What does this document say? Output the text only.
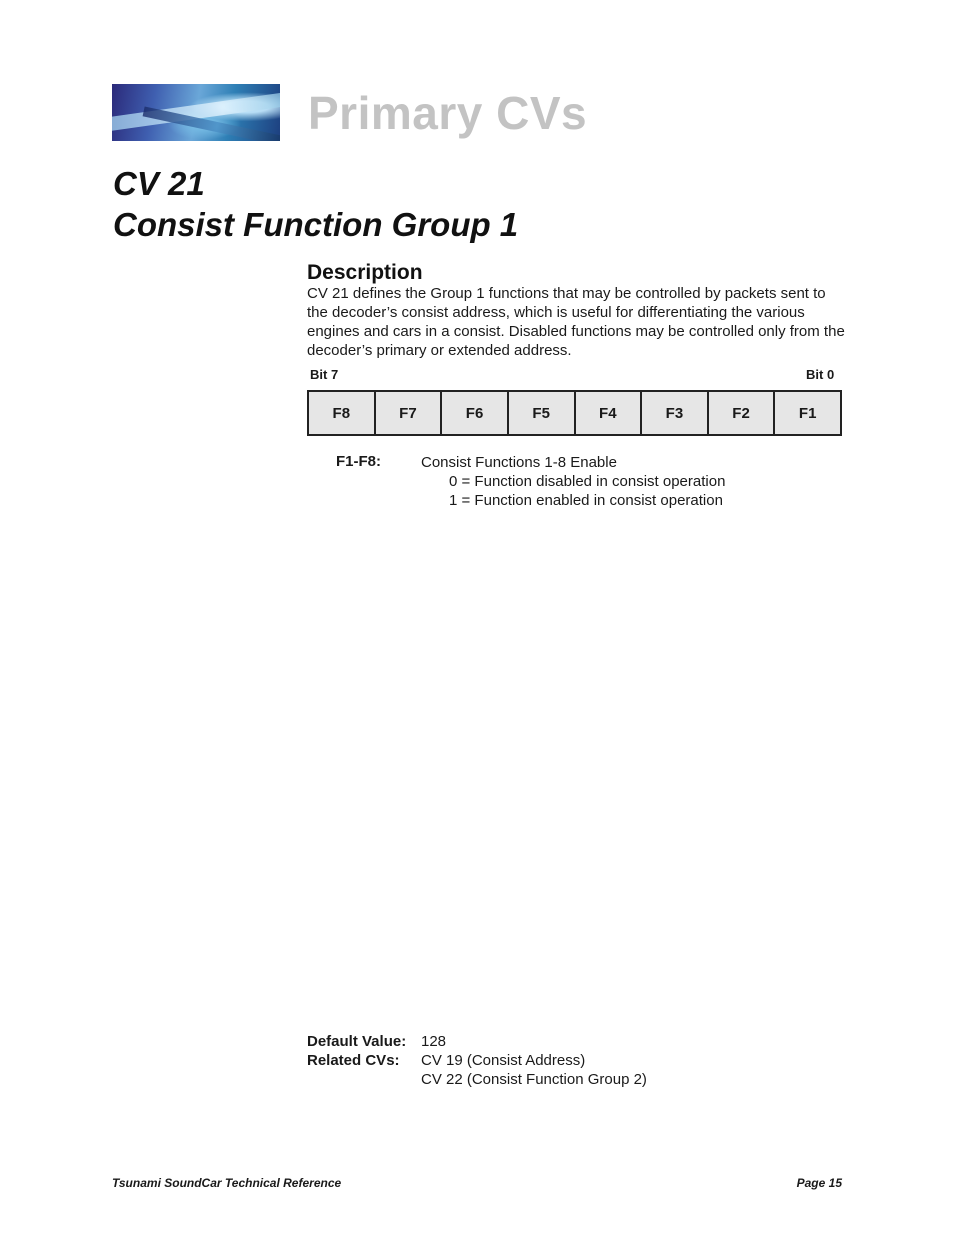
Primary CVs
CV 21
Consist Function Group 1
Description
CV 21 defines the Group 1 functions that may be controlled by packets sent to the decoder’s consist address, which is useful for differentiating the various engines and cars in a consist. Disabled functions may be controlled only from the decoder’s primary or extended address.
Bit 7	Bit 0
F8	F7	F6	F5	F4	F3	F2	F1
F1-F8:	Consist Functions 1-8 Enable
0 = Function disabled in consist operation
1 = Function enabled in consist operation
Default Value: 128
Related CVs: CV 19 (Consist Address)
CV 22 (Consist Function Group 2)
Tsunami SoundCar Technical Reference	Page 15
